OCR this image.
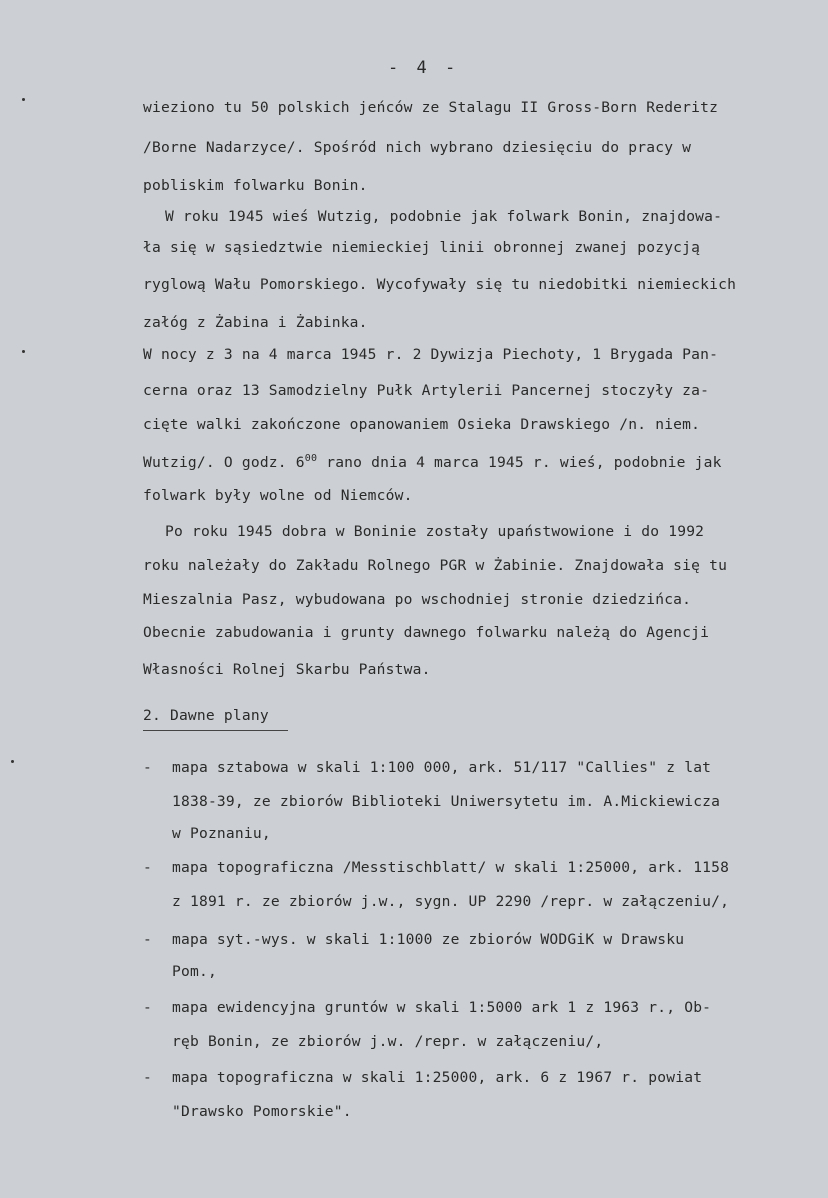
- 4 -
wieziono tu 50 polskich jeńców ze Stalagu II Gross-Born Rederitz
/Borne Nadarzyce/. Spośród nich wybrano dziesięciu do pracy w
pobliskim folwarku Bonin.
W roku 1945 wieś Wutzig, podobnie jak folwark Bonin, znajdowa-
ła się w sąsiedztwie niemieckiej linii obronnej zwanej pozycją
ryglową Wału Pomorskiego. Wycofywały się tu niedobitki niemieckich
załóg z Żabina i Żabinka.
W nocy z 3 na 4 marca 1945 r. 2 Dywizja Piechoty, 1 Brygada Pan-
cerna oraz 13 Samodzielny Pułk Artylerii Pancernej stoczyły za-
cięte walki zakończone opanowaniem Osieka Drawskiego /n. niem.
Wutzig/. O godz. $6^{00}$ rano dnia 4 marca 1945 r. wieś, podobnie jak
folwark były wolne od Niemców.
Po roku 1945 dobra w Boninie zostały upaństwowione i do 1992
roku należały do Zakładu Rolnego PGR w Żabinie. Znajdowała się tu
Mieszalnia Pasz, wybudowana po wschodniej stronie dziedzińca.
Obecnie zabudowania i grunty dawnego folwarku należą do Agencji
Własności Rolnej Skarbu Państwa.
2. Dawne plany
- mapa sztabowa w skali 1:100 000, ark. 51/117 "Callies" z lat
1838-39, ze zbiorów Biblioteki Uniwersytetu im. A.Mickiewicza
w Poznaniu,
- mapa topograficzna /Messtischblatt/ w skali 1:25000, ark. 1158
z 1891 r. ze zbiorów j.w., sygn. UP 2290 /repr. w załączeniu/,
- mapa syt.-wys. w skali 1:1000 ze zbiorów WODGiK w Drawsku
Pom.,
- mapa ewidencyjna gruntów w skali 1:5000 ark 1 z 1963 r., Ob-
ręb Bonin, ze zbiorów j.w. /repr. w załączeniu/,
- mapa topograficzna w skali 1:25000, ark. 6 z 1967 r. powiat
"Drawsko Pomorskie".
